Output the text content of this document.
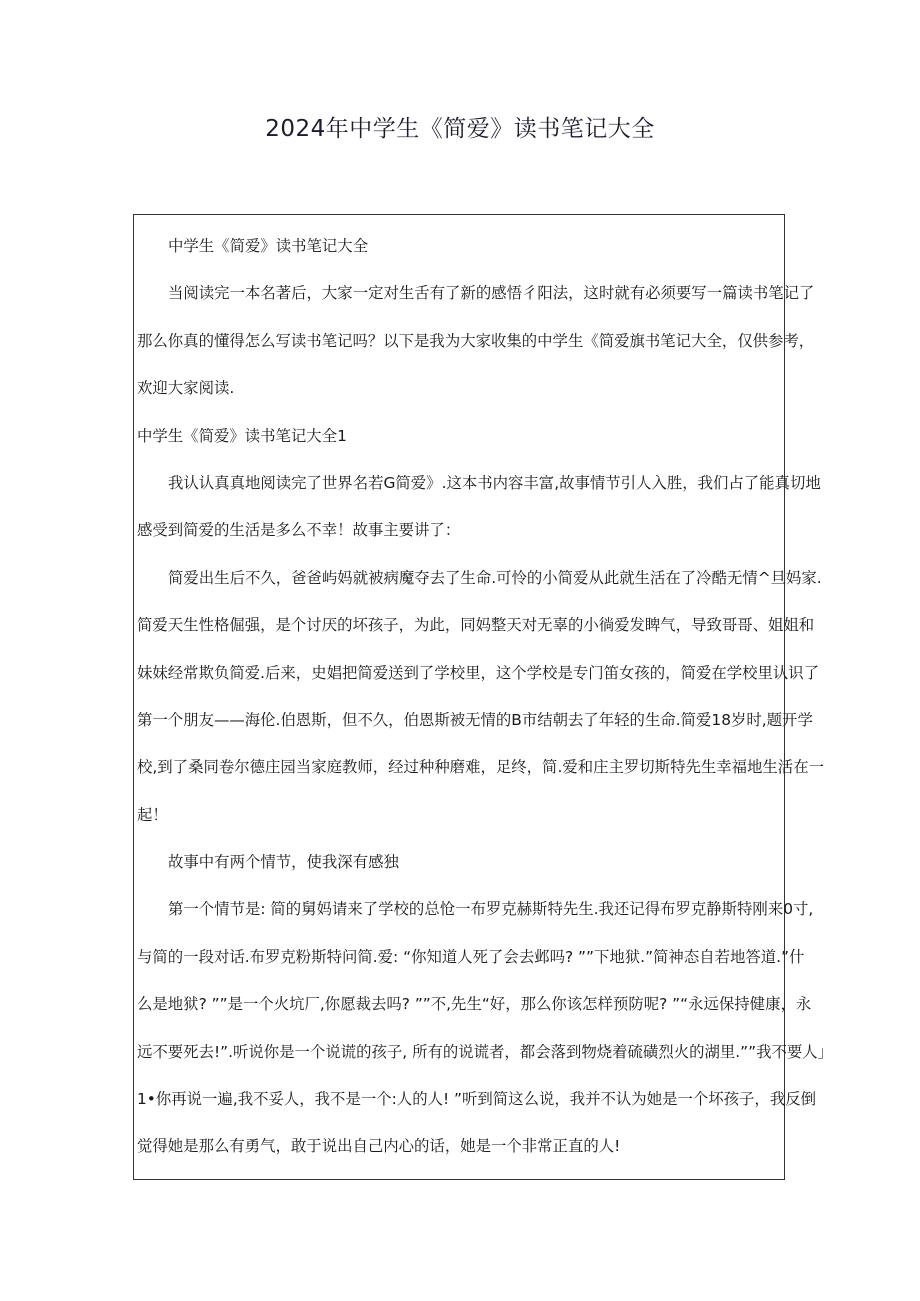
2024年中学生《简爱》读书笔记大全
中学生《简爱》读书笔记大全
当阅读完一本名著后，大家一定对生舌有了新的感悟彳阳法，这时就有必须要写一篇读书笔记了
那么你真的懂得怎么写读书笔记吗？以下是我为大家收集的中学生《简爱旗书笔记大全，仅供参考，
欢迎大家阅读.
中学生《简爱》读书笔记大全1
我认认真真地阅读完了世界名若G简爱》.这本书内容丰富,故事情节引人入胜，我们占了能真切地
感受到简爱的生活是多么不幸！故事主要讲了：
简爱出生后不久，爸爸屿妈就被病魔夺去了生命.可怜的小简爱从此就生活在了冷酷无情^旦妈家.
简爱天生性格倔强，是个讨厌的坏孩子，为此，同妈整天对无辜的小徜爱发睥气，导致哥哥、姐姐和
妹妹经常欺负简爱.后来，史娼把简爱送到了学校里，这个学校是专门笛女孩的，简爱在学校里认识了
第一个朋友——海伦.伯恩斯，但不久，伯恩斯被无情的B市结朝去了年轻的生命.简爱18岁时,题开学
校,到了桑同卷尔德庄园当家庭教师，经过种种磨难，足终，简.爱和庄主罗切斯特先生幸福地生活在一
起！
故事中有两个情节，使我深有感独
第一个情节是: 简的舅妈请来了学校的总怆一布罗克赫斯特先生.我还记得布罗克静斯特刚来0寸,
与简的一段对话.布罗克粉斯特问简.爱: “你知道人死了会去邺吗? ””下地狱.”简神态自若地答道.”什
么是地狱? ””是一个火坑厂,你愿裁去吗? ””不,先生“好，那么你该怎样预防呢? ”“永远保持健康，永
远不要死去!”.听说你是一个说谎的孩子, 所有的说谎者，都会落到物烧着硫磺烈火的湖里.””我不要人」
1•你再说一遍,我不妥人，我不是一个:人的人! ”听到简这么说，我并不认为她是一个坏孩子，我反倒
觉得她是那么有勇气，敢于说出自己内心的话，她是一个非常正直的人!
